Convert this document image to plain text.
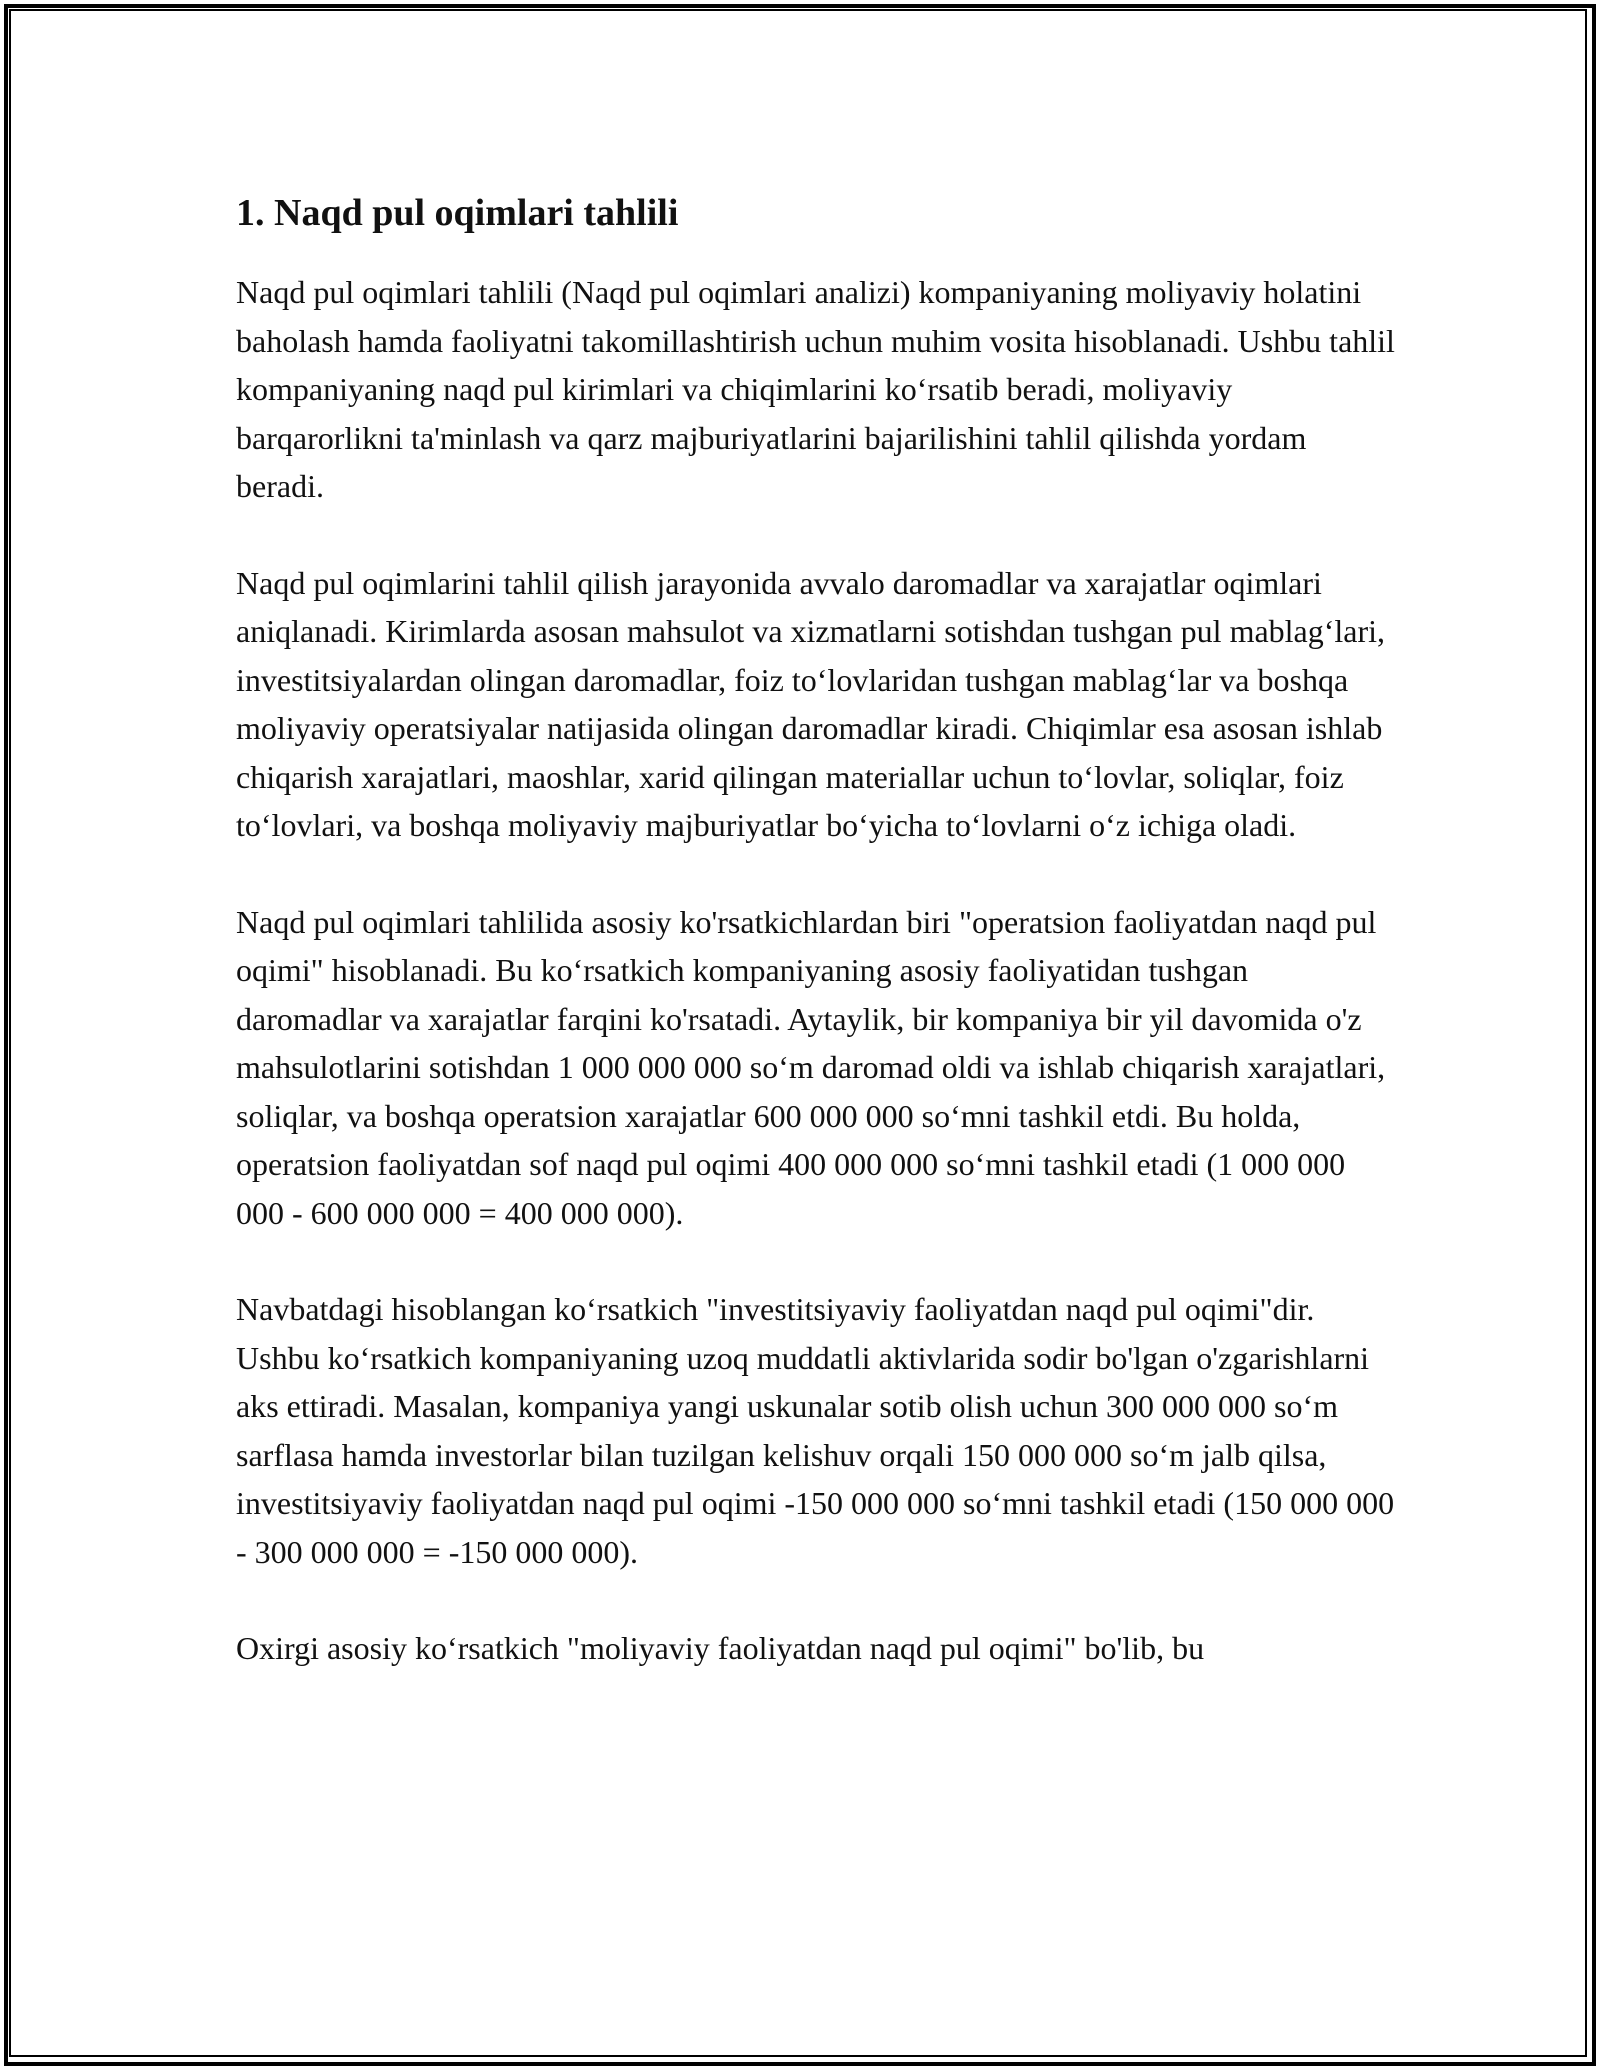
1. Naqd pul oqimlari tahlili

Naqd pul oqimlari tahlili (Naqd pul oqimlari analizi) kompaniyaning moliyaviy holatini baholash hamda faoliyatni takomillashtirish uchun muhim vosita hisoblanadi. Ushbu tahlil kompaniyaning naqd pul kirimlari va chiqimlarini ko‘rsatib beradi, moliyaviy barqarorlikni ta'minlash va qarz majburiyatlarini bajarilishini tahlil qilishda yordam beradi.

Naqd pul oqimlarini tahlil qilish jarayonida avvalo daromadlar va xarajatlar oqimlari aniqlanadi. Kirimlarda asosan mahsulot va xizmatlarni sotishdan tushgan pul mablag‘lari, investitsiyalardan olingan daromadlar, foiz to‘lovlaridan tushgan mablag‘lar va boshqa moliyaviy operatsiyalar natijasida olingan daromadlar kiradi. Chiqimlar esa asosan ishlab chiqarish xarajatlari, maoshlar, xarid qilingan materiallar uchun to‘lovlar, soliqlar, foiz to‘lovlari, va boshqa moliyaviy majburiyatlar bo‘yicha to‘lovlarni o‘z ichiga oladi.

Naqd pul oqimlari tahlilida asosiy ko'rsatkichlardan biri "operatsion faoliyatdan naqd pul oqimi" hisoblanadi. Bu ko‘rsatkich kompaniyaning asosiy faoliyatidan tushgan daromadlar va xarajatlar farqini ko'rsatadi. Aytaylik, bir kompaniya bir yil davomida o'z mahsulotlarini sotishdan 1 000 000 000 so‘m daromad oldi va ishlab chiqarish xarajatlari, soliqlar, va boshqa operatsion xarajatlar 600 000 000 so‘mni tashkil etdi. Bu holda, operatsion faoliyatdan sof naqd pul oqimi 400 000 000 so‘mni tashkil etadi (1 000 000 000 - 600 000 000 = 400 000 000).

Navbatdagi hisoblangan ko‘rsatkich "investitsiyaviy faoliyatdan naqd pul oqimi"dir. Ushbu ko‘rsatkich kompaniyaning uzoq muddatli aktivlarida sodir bo'lgan o'zgarishlarni aks ettiradi. Masalan, kompaniya yangi uskunalar sotib olish uchun 300 000 000 so‘m sarflasa hamda investorlar bilan tuzilgan kelishuv orqali 150 000 000 so‘m jalb qilsa, investitsiyaviy faoliyatdan naqd pul oqimi -150 000 000 so‘mni tashkil etadi (150 000 000 - 300 000 000 = -150 000 000).

Oxirgi asosiy ko‘rsatkich "moliyaviy faoliyatdan naqd pul oqimi" bo'lib, bu
